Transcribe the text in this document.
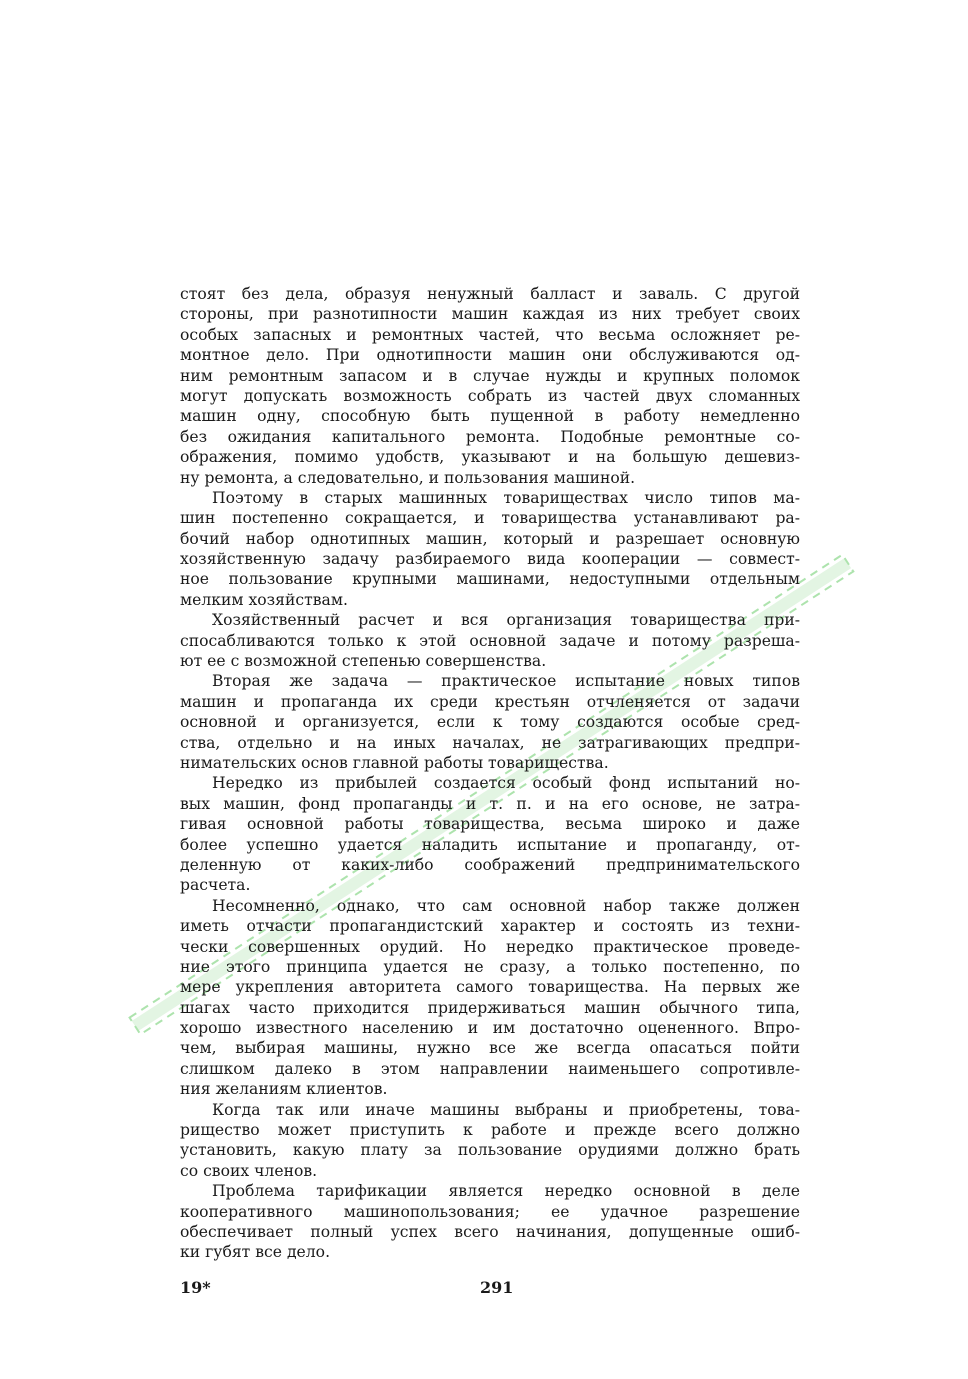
стоят без дела, образуя ненужный балласт и заваль. С другой
стороны, при разнотипности машин каждая из них требует своих
особых запасных и ремонтных частей, что весьма осложняет ре-
монтное дело. При однотипности машин они обслуживаются од-
ним ремонтным запасом и в случае нужды и крупных поломок
могут допускать возможность собрать из частей двух сломанных
машин одну, способную быть пущенной в работу немедленно
без ожидания капитального ремонта. Подобные ремонтные со-
ображения, помимо удобств, указывают и на большую дешевиз-
ну ремонта, а следовательно, и пользования машиной.
Поэтому в старых машинных товариществах число типов ма-
шин постепенно сокращается, и товарищества устанавливают ра-
бочий набор однотипных машин, который и разрешает основную
хозяйственную задачу разбираемого вида кооперации — совмест-
ное пользование крупными машинами, недоступными отдельным
мелким хозяйствам.
Хозяйственный расчет и вся организация товарищества при-
спосабливаются только к этой основной задаче и потому разреша-
ют ее с возможной степенью совершенства.
Вторая же задача — практическое испытание новых типов
машин и пропаганда их среди крестьян отчленяется от задачи
основной и организуется, если к тому создаются особые сред-
ства, отдельно и на иных началах, не затрагивающих предпри-
нимательских основ главной работы товарищества.
Нередко из прибылей создается особый фонд испытаний но-
вых машин, фонд пропаганды и т. п. и на его основе, не затра-
гивая основной работы товарищества, весьма широко и даже
более успешно удается наладить испытание и пропаганду, от-
деленную от каких-либо соображений предпринимательского
расчета.
Несомненно, однако, что сам основной набор также должен
иметь отчасти пропагандистский характер и состоять из техни-
чески совершенных орудий. Но нередко практическое проведе-
ние этого принципа удается не сразу, а только постепенно, по
мере укрепления авторитета самого товарищества. На первых же
шагах часто приходится придерживаться машин обычного типа,
хорошо известного населению и им достаточно оцененного. Впро-
чем, выбирая машины, нужно все же всегда опасаться пойти
слишком далеко в этом направлении наименьшего сопротивле-
ния желаниям клиентов.
Когда так или иначе машины выбраны и приобретены, това-
рищество может приступить к работе и прежде всего должно
установить, какую плату за пользование орудиями должно брать
со своих членов.
Проблема тарификации является нередко основной в деле
кооперативного машинопользования; ее удачное разрешение
обеспечивает полный успех всего начинания, допущенные ошиб-
ки губят все дело.
19*	291
